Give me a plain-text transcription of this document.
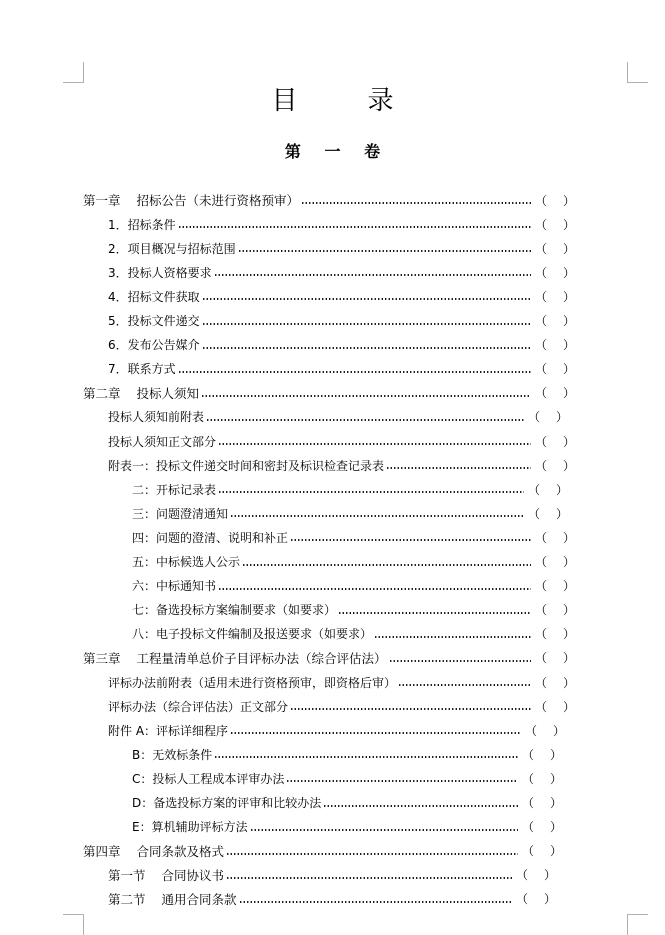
目　录
第 一 卷
第一章 招标公告（未进行资格预审）	（ ）
1．招标条件	（ ）
2．项目概况与招标范围	（ ）
3．投标人资格要求	（ ）
4．招标文件获取	（ ）
5．投标文件递交	（ ）
6．发布公告媒介	（ ）
7．联系方式	（ ）
第二章 投标人须知	（ ）
投标人须知前附表	（ ）
投标人须知正文部分	（ ）
附表一：投标文件递交时间和密封及标识检查记录表	（ ）
二：开标记录表	（ ）
三：问题澄清通知	（ ）
四：问题的澄清、说明和补正	（ ）
五：中标候选人公示	（ ）
六：中标通知书	（ ）
七：备选投标方案编制要求（如要求）	（ ）
八：电子投标文件编制及报送要求（如要求）	（ ）
第三章 工程量清单总价子目评标办法（综合评估法）	（ ）
评标办法前附表（适用未进行资格预审，即资格后审）	（ ）
评标办法（综合评估法）正文部分	（ ）
附件 A：评标详细程序	（ ）
B：无效标条件	（ ）
C：投标人工程成本评审办法	（ ）
D：备选投标方案的评审和比较办法	（ ）
E：算机辅助评标方法	（ ）
第四章 合同条款及格式	（ ）
第一节 合同协议书	（ ）
第二节 通用合同条款	（ ）
